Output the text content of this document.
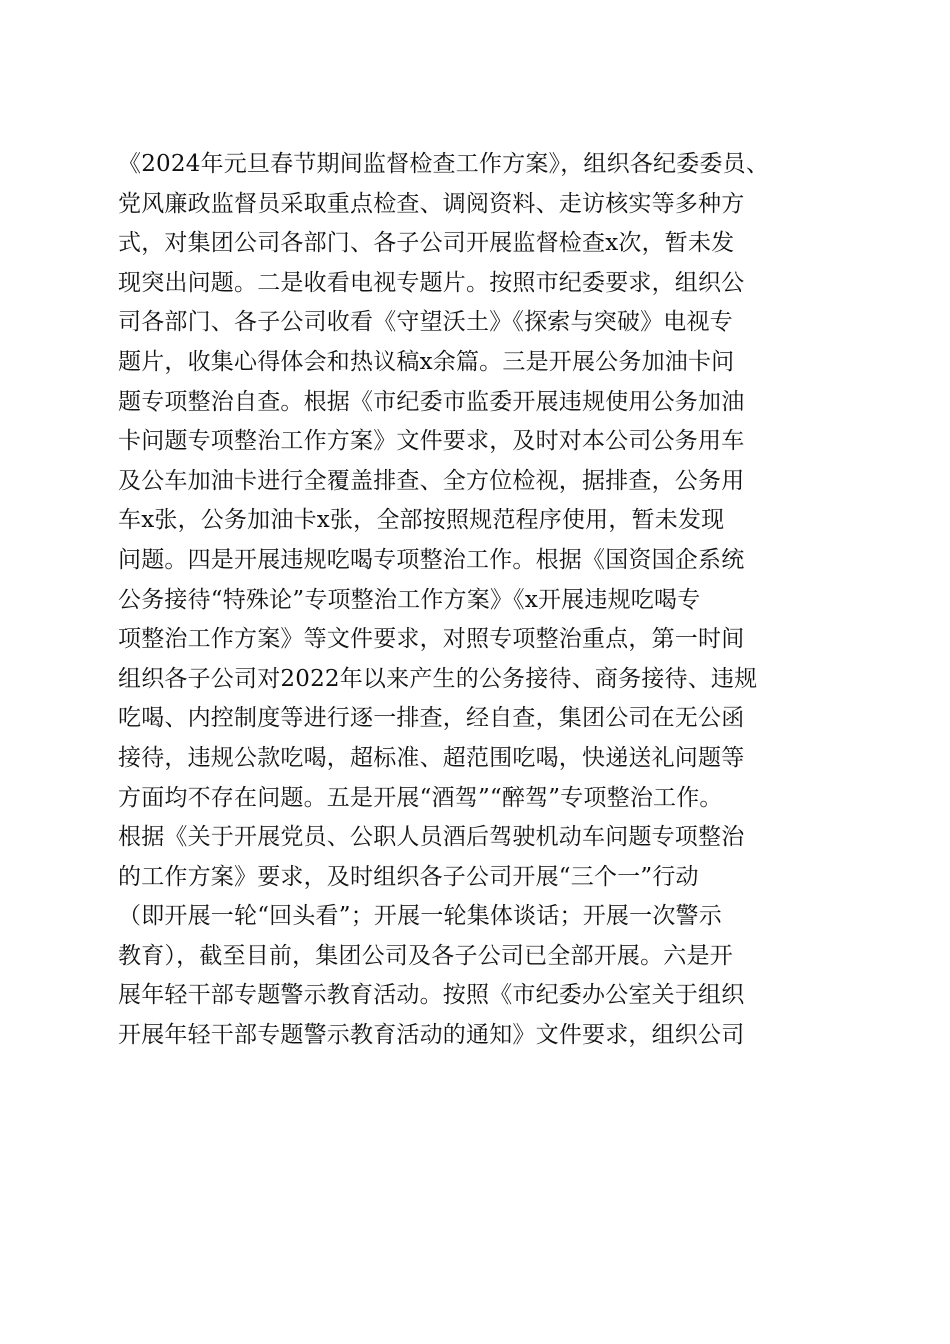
《2024年元旦春节期间监督检查工作方案》，组织各纪委委员、
党风廉政监督员采取重点检查、调阅资料、走访核实等多种方
式，对集团公司各部门、各子公司开展监督检查x次，暂未发
现突出问题。二是收看电视专题片。按照市纪委要求，组织公
司各部门、各子公司收看《守望沃土》《探索与突破》电视专
题片，收集心得体会和热议稿x余篇。三是开展公务加油卡问
题专项整治自查。根据《市纪委市监委开展违规使用公务加油
卡问题专项整治工作方案》文件要求，及时对本公司公务用车
及公车加油卡进行全覆盖排查、全方位检视，据排查，公务用
车x张，公务加油卡x张，全部按照规范程序使用，暂未发现
问题。四是开展违规吃喝专项整治工作。根据《国资国企系统
公务接待“特殊论”专项整治工作方案》《x开展违规吃喝专
项整治工作方案》等文件要求，对照专项整治重点，第一时间
组织各子公司对2022年以来产生的公务接待、商务接待、违规
吃喝、内控制度等进行逐一排查，经自查，集团公司在无公函
接待，违规公款吃喝，超标准、超范围吃喝，快递送礼问题等
方面均不存在问题。五是开展“酒驾”“醉驾”专项整治工作。
根据《关于开展党员、公职人员酒后驾驶机动车问题专项整治
的工作方案》要求，及时组织各子公司开展“三个一”行动
（即开展一轮“回头看”；开展一轮集体谈话；开展一次警示
教育），截至目前，集团公司及各子公司已全部开展。六是开
展年轻干部专题警示教育活动。按照《市纪委办公室关于组织
开展年轻干部专题警示教育活动的通知》文件要求，组织公司
